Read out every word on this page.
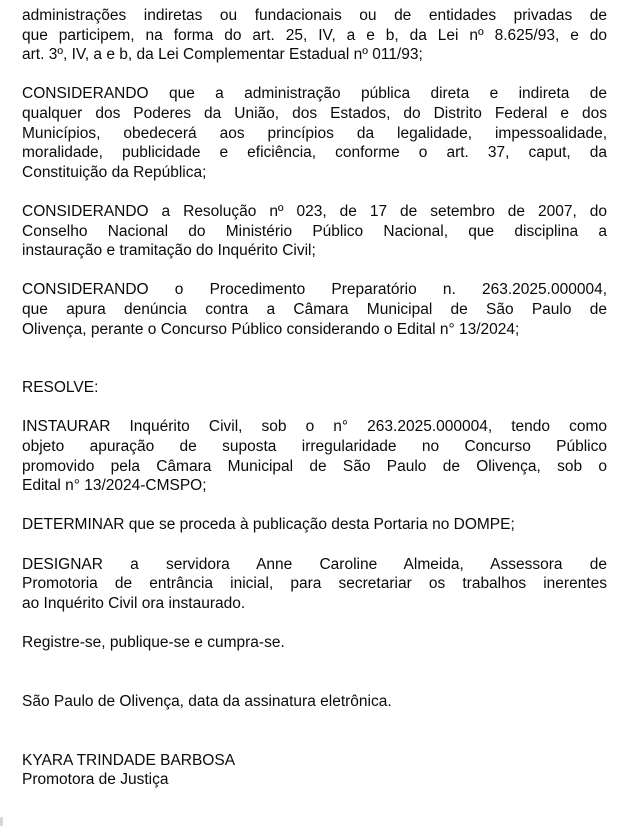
administrações indiretas ou fundacionais ou de entidades privadas de
que participem, na forma do art. 25, IV, a e b, da Lei nº 8.625/93, e do
art. 3º, IV, a e b, da Lei Complementar Estadual nº 011/93;
CONSIDERANDO que a administração pública direta e indireta de
qualquer dos Poderes da União, dos Estados, do Distrito Federal e dos
Municípios, obedecerá aos princípios da legalidade, impessoalidade,
moralidade, publicidade e eficiência, conforme o art. 37, caput, da
Constituição da República;
CONSIDERANDO a Resolução nº 023, de 17 de setembro de 2007, do
Conselho Nacional do Ministério Público Nacional, que disciplina a
instauração e tramitação do Inquérito Civil;
CONSIDERANDO o Procedimento Preparatório n. 263.2025.000004,
que apura denúncia contra a Câmara Municipal de São Paulo de
Olivença, perante o Concurso Público considerando o Edital n° 13/2024;
RESOLVE:
INSTAURAR Inquérito Civil, sob o n° 263.2025.000004, tendo como
objeto apuração de suposta irregularidade no Concurso Público
promovido pela Câmara Municipal de São Paulo de Olivença, sob o
Edital n° 13/2024-CMSPO;
DETERMINAR que se proceda à publicação desta Portaria no DOMPE;
DESIGNAR a servidora Anne Caroline Almeida, Assessora de
Promotoria de entrância inicial, para secretariar os trabalhos inerentes
ao Inquérito Civil ora instaurado.
Registre-se, publique-se e cumpra-se.
São Paulo de Olivença, data da assinatura eletrônica.
KYARA TRINDADE BARBOSA
Promotora de Justiça
